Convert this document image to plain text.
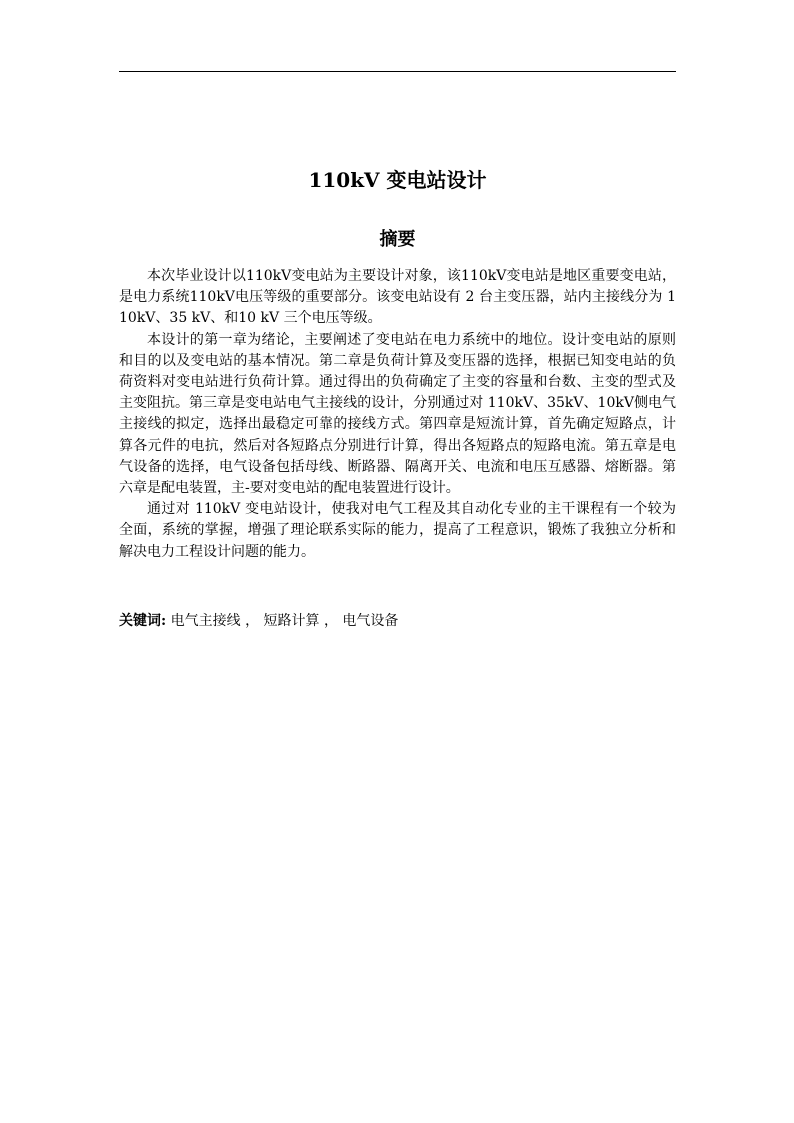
110kV 变电站设计
摘要

本次毕业设计以110kV变电站为主要设计对象，该110kV变电站是地区重要变电站，是电力系统110kV电压等级的重要部分。该变电站设有 2 台主变压器，站内主接线分为 110kV、35 kV、和10 kV 三个电压等级。

本设计的第一章为绪论，主要阐述了变电站在电力系统中的地位。设计变电站的原则和目的以及变电站的基本情况。第二章是负荷计算及变压器的选择，根据已知变电站的负荷资料对变电站进行负荷计算。通过得出的负荷确定了主变的容量和台数、主变的型式及主变阻抗。第三章是变电站电气主接线的设计，分别通过对 110kV、35kV、10kV侧电气主接线的拟定，选择出最稳定可靠的接线方式。第四章是短流计算，首先确定短路点，计算各元件的电抗，然后对各短路点分别进行计算，得出各短路点的短路电流。第五章是电气设备的选择，电气设备包括母线、断路器、隔离开关、电流和电压互感器、熔断器。第六章是配电装置，主-要对变电站的配电装置进行设计。

通过对 110kV 变电站设计，使我对电气工程及其自动化专业的主干课程有一个较为全面，系统的掌握，增强了理论联系实际的能力，提高了工程意识，锻炼了我独立分析和解决电力工程设计问题的能力。

关键词: 电气主接线 ， 短路计算 ， 电气设备
